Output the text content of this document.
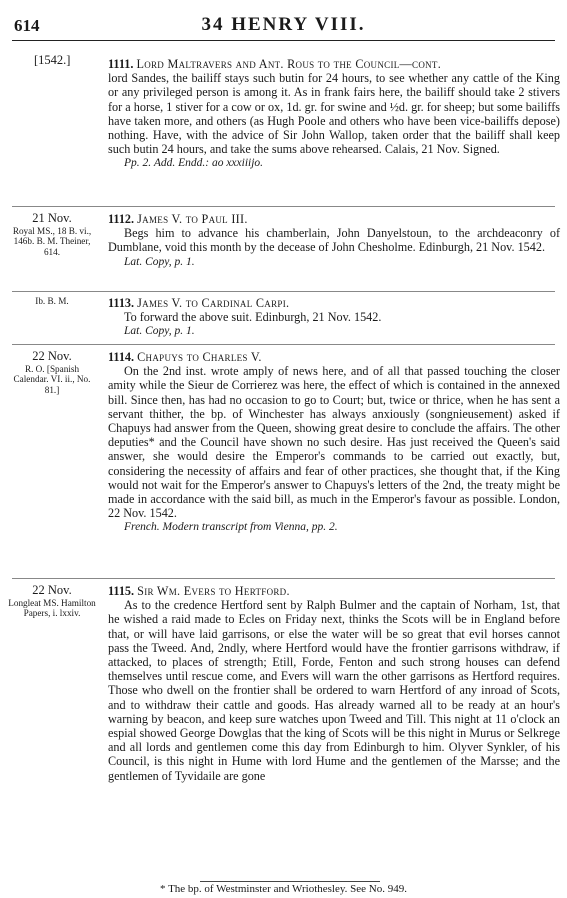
614	34 HENRY VIII.
[1542.]	1111. Lord Maltravers and Ant. Rous to the Council—cont.
lord Sandes, the bailiff stays such butin for 24 hours, to see whether any cattle of the King or any privileged person is among it. As in frank fairs here, the bailiff should take 2 stivers for a horse, 1 stiver for a cow or ox, 1d. gr. for swine and ½d. gr. for sheep; but some bailiffs have taken more, and others (as Hugh Poole and others who have been vice-bailiffs depose) nothing. Have, with the advice of Sir John Wallop, taken order that the bailiff shall keep such butin 24 hours, and take the sums above rehearsed. Calais, 21 Nov. Signed.
Pp. 2. Add. Endd.: ao xxxiiijo.
21 Nov.
Royal MS., 18 B. vi., 146b. B. M. Theiner, 614.
1112. James V. to Paul III.
Begs him to advance his chamberlain, John Danyelstoun, to the archdeaconry of Dumblane, void this month by the decease of John Chesholme. Edinburgh, 21 Nov. 1542.
Lat. Copy, p. 1.
Ib. B. M.	1113. James V. to Cardinal Carpi.
To forward the above suit. Edinburgh, 21 Nov. 1542.
Lat. Copy, p. 1.
22 Nov.
R. O. [Spanish Calendar. VI. ii., No. 81.]
1114. Chapuys to Charles V.
On the 2nd inst. wrote amply of news here, and of all that passed touching the closer amity while the Sieur de Corrierez was here, the effect of which is contained in the annexed bill. Since then, has had no occasion to go to Court; but, twice or thrice, when he has sent a servant thither, the bp. of Winchester has always anxiously (songnieusement) asked if Chapuys had answer from the Queen, showing great desire to conclude the affairs. The other deputies* and the Council have shown no such desire. Has just received the Queen's said answer, she would desire the Emperor's commands to be carried out exactly, but, considering the necessity of affairs and fear of other practices, she thought that, if the King would not wait for the Emperor's answer to Chapuys's letters of the 2nd, the treaty might be made in accordance with the said bill, as much in the Emperor's favour as possible. London, 22 Nov. 1542.
French. Modern transcript from Vienna, pp. 2.
22 Nov.
Longleat MS. Hamilton Papers, i. lxxiv.
1115. Sir Wm. Evers to Hertford.
As to the credence Hertford sent by Ralph Bulmer and the captain of Norham, 1st, that he wished a raid made to Ecles on Friday next, thinks the Scots will be in England before that, or will have laid garrisons, or else the water will be so great that evil horses cannot pass the Tweed. And, 2ndly, where Hertford would have the frontier garrisons withdraw, if attacked, to places of strength; Etill, Forde, Fenton and such strong houses can defend themselves until rescue come, and Evers will warn the other garrisons as Hertford requires. Those who dwell on the frontier shall be ordered to warn Hertford of any inroad of Scots, and to withdraw their cattle and goods. Has already warned all to be ready at an hour's warning by beacon, and keep sure watches upon Tweed and Till. This night at 11 o'clock an espial showed George Dowglas that the king of Scots will be this night in Murus or Selkrege and all lords and gentlemen come this day from Edinburgh to him. Olyver Synkler, of his Council, is this night in Hume with lord Hume and the gentlemen of the Marsse; and the gentlemen of Tyvidaile are gone
* The bp. of Westminster and Wriothesley. See No. 949.
